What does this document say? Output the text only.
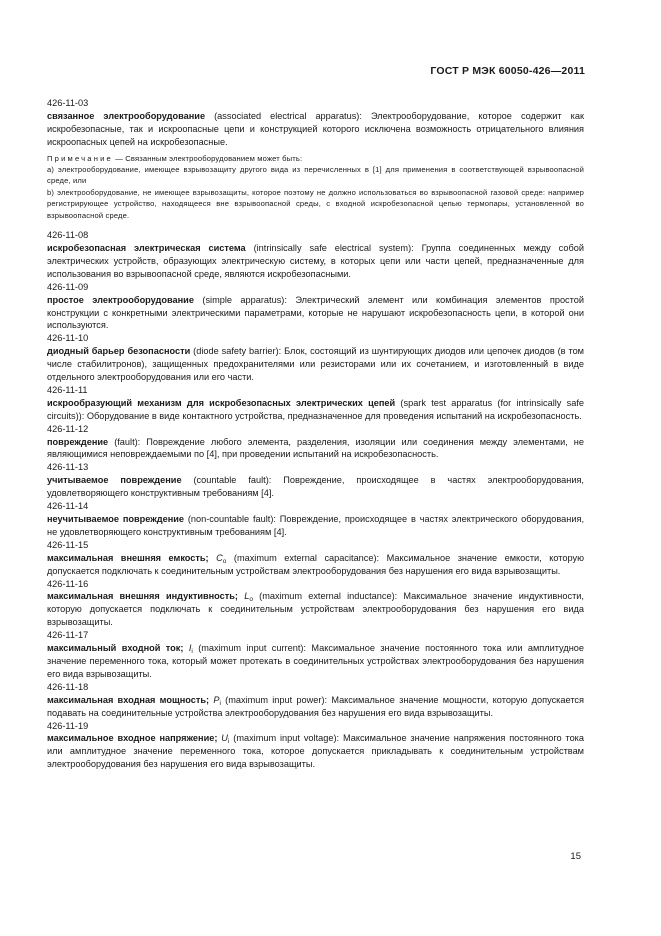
ГОСТ Р МЭК 60050-426—2011

426-11-03

связанное электрооборудование (associated electrical apparatus): Электрооборудование, которое содержит как искробезопасные, так и искроопасные цепи и конструкцией которого исключена возможность отрицательного влияния искроопасных цепей на искробезопасные.

Примечание — Связанным электрооборудованием может быть:

a) электрооборудование, имеющее взрывозащиту другого вида из перечисленных в [1] для применения в соответствующей взрывоопасной среде, или

b) электрооборудование, не имеющее взрывозащиты, которое поэтому не должно использоваться во взрывоопасной газовой среде: например регистрирующее устройство, находящееся вне взрывоопасной среды, с входной искробезопасной цепью термопары, установленной во взрывоопасной среде.

426-11-08

искробезопасная электрическая система (intrinsically safe electrical system): Группа соединенных между собой электрических устройств, образующих электрическую систему, в которых цепи или части цепей, предназначенные для использования во взрывоопасной среде, являются искробезопасными.

426-11-09

простое электрооборудование (simple apparatus): Электрический элемент или комбинация элементов простой конструкции с конкретными электрическими параметрами, которые не нарушают искробезопасность цепи, в которой они используются.

426-11-10

диодный барьер безопасности (diode safety barrier): Блок, состоящий из шунтирующих диодов или цепочек диодов (в том числе стабилитронов), защищенных предохранителями или резисторами или их сочетанием, и изготовленный в виде отдельного электрооборудования или его части.

426-11-11

искрообразующий механизм для искробезопасных электрических цепей (spark test apparatus (for intrinsically safe circuits)): Оборудование в виде контактного устройства, предназначенное для проведения испытаний на искробезопасность.

426-11-12

повреждение (fault): Повреждение любого элемента, разделения, изоляции или соединения между элементами, не являющимися неповреждаемыми по [4], при проведении испытаний на искробезопасность.

426-11-13

учитываемое повреждение (countable fault): Повреждение, происходящее в частях электрооборудования, удовлетворяющего конструктивным требованиям [4].

426-11-14

неучитываемое повреждение (non-countable fault): Повреждение, происходящее в частях электрического оборудования, не удовлетворяющего конструктивным требованиям [4].

426-11-15

максимальная внешняя емкость; $C_o$ (maximum external capacitance): Максимальное значение емкости, которую допускается подключать к соединительным устройствам электрооборудования без нарушения его вида взрывозащиты.

426-11-16

максимальная внешняя индуктивность; $L_o$ (maximum external inductance): Максимальное значение индуктивности, которую допускается подключать к соединительным устройствам электрооборудования без нарушения его вида взрывозащиты.

426-11-17

максимальный входной ток; $I_i$ (maximum input current): Максимальное значение постоянного тока или амплитудное значение переменного тока, который может протекать в соединительных устройствах электрооборудования без нарушения его вида взрывозащиты.

426-11-18

максимальная входная мощность; $P_i$ (maximum input power): Максимальное значение мощности, которую допускается подавать на соединительные устройства электрооборудования без нарушения его вида взрывозащиты.

426-11-19

максимальное входное напряжение; $U_i$ (maximum input voltage): Максимальное значение напряжения постоянного тока или амплитудное значение переменного тока, которое допускается прикладывать к соединительным устройствам электрооборудования без нарушения его вида взрывозащиты.

15
